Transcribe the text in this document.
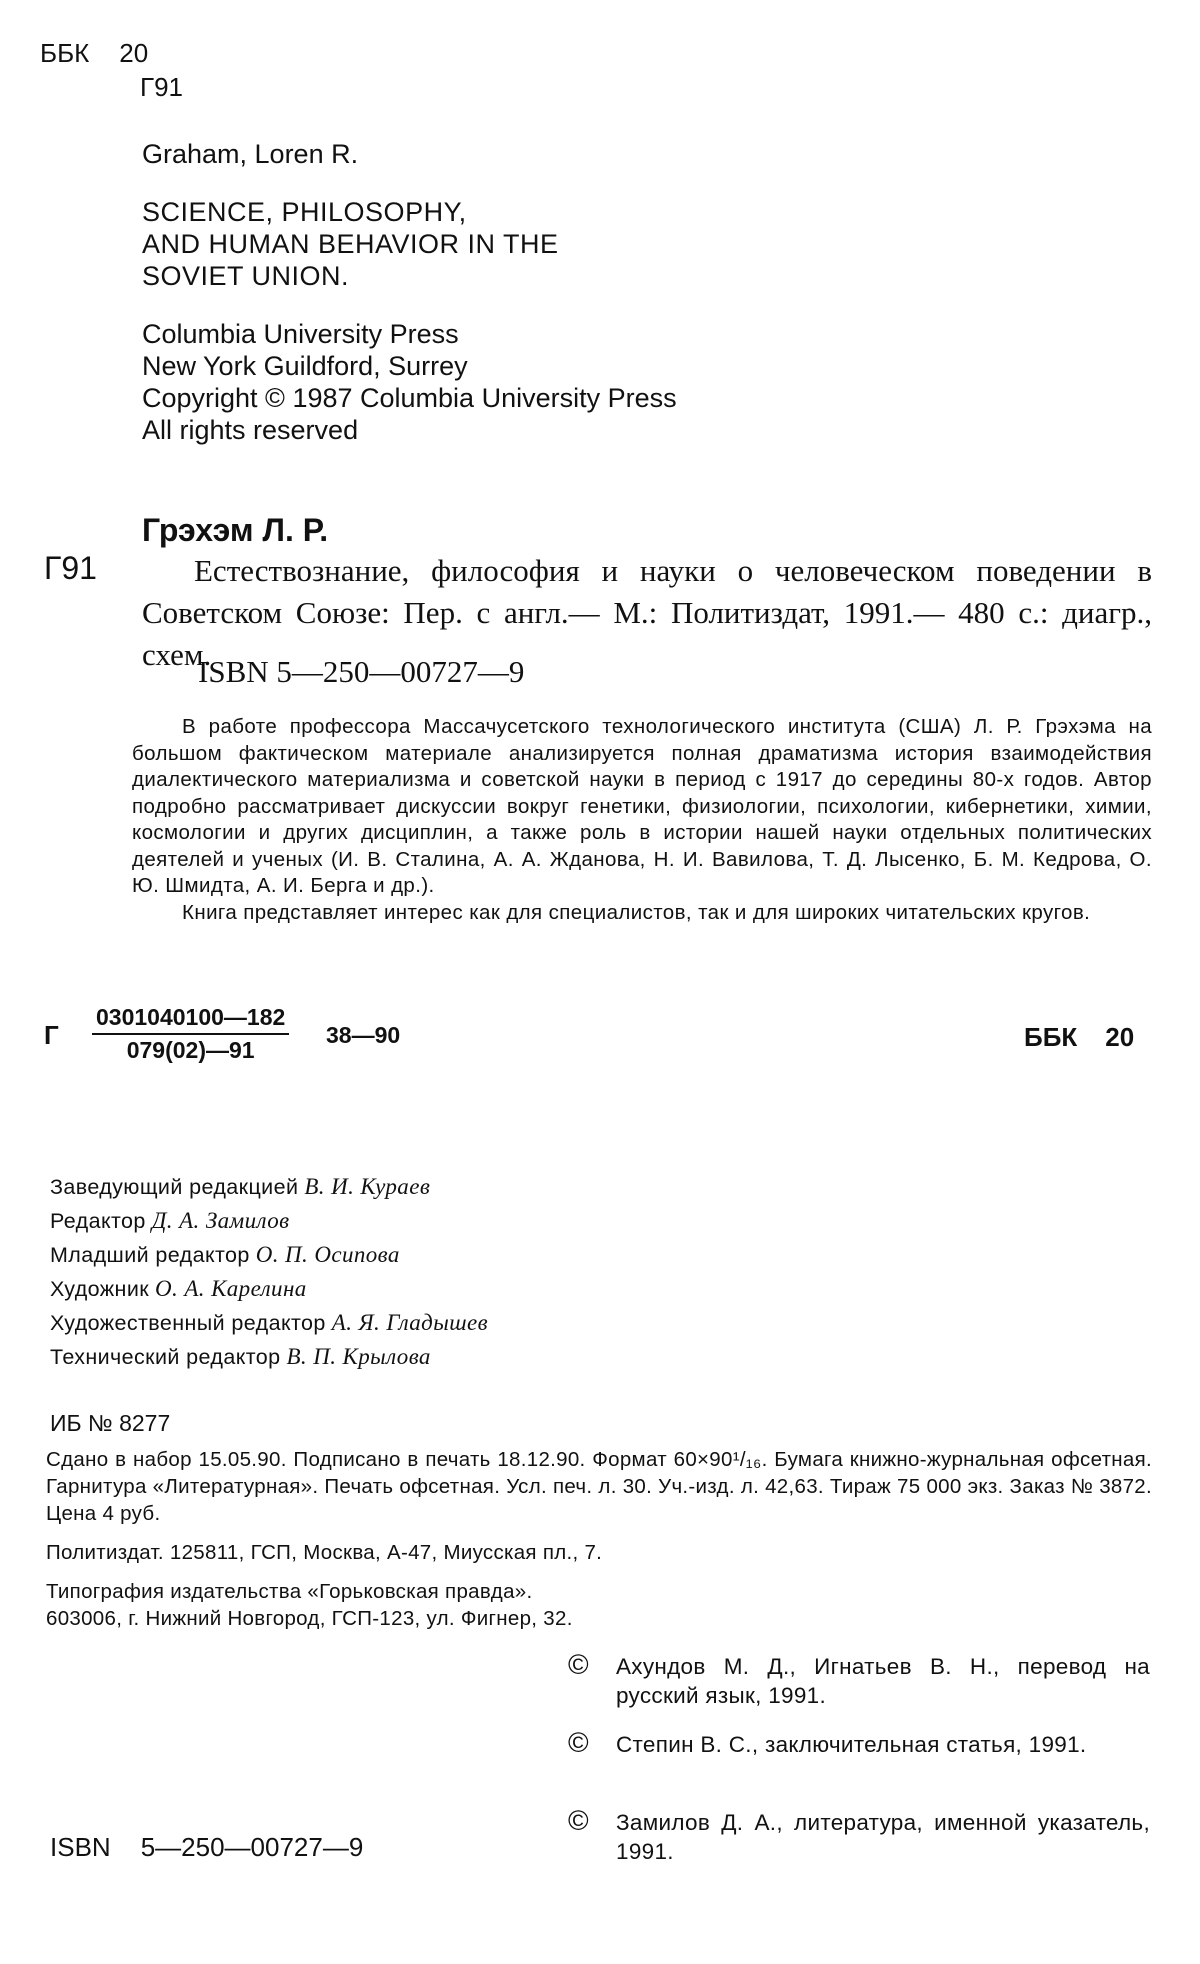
ББК 20
Г91
Graham, Loren R.
SCIENCE, PHILOSOPHY,
AND HUMAN BEHAVIOR IN THE
SOVIET UNION.
Columbia University Press
New York Guildford, Surrey
Copyright © 1987 Columbia University Press
All rights reserved
Грэхэм Л. Р.
Г91	Естествознание, философия и науки о человеческом поведении в Советском Союзе: Пер. с англ.— М.: Политиздат, 1991.— 480 с.: диагр., схем.
ISBN 5—250—00727—9

В работе профессора Массачусетского технологического института (США) Л. Р. Грэхэма на большом фактическом материале анализируется полная драматизма история взаимодействия диалектического материализма и советской науки в период с 1917 до середины 80-х годов. Автор подробно рассматривает дискуссии вокруг генетики, физиологии, психологии, кибернетики, химии, космологии и других дисциплин, а также роль в истории нашей науки отдельных политических деятелей и ученых (И. В. Сталина, А. А. Жданова, Н. И. Вавилова, Т. Д. Лысенко, Б. М. Кедрова, О. Ю. Шмидта, А. И. Берга и др.).

Книга представляет интерес как для специалистов, так и для широких читательских кругов.

Г $\frac{0301040100—182}{079(02)—91}$ 38—90	ББК 20
Заведующий редакцией В. И. Кураев
Редактор Д. А. Замилов
Младший редактор О. П. Осипова
Художник О. А. Карелина
Художественный редактор А. Я. Гладышев
Технический редактор В. П. Крылова
ИБ № 8277

Сдано в набор 15.05.90. Подписано в печать 18.12.90. Формат 60×90¹/₁₆. Бумага книжно-журнальная офсетная. Гарнитура «Литературная». Печать офсетная. Усл. печ. л. 30. Уч.-изд. л. 42,63. Тираж 75 000 экз. Заказ № 3872. Цена 4 руб.

Политиздат. 125811, ГСП, Москва, А-47, Миусская пл., 7.

Типография издательства «Горьковская правда».

603006, г. Нижний Новгород, ГСП-123, ул. Фигнер, 32.

© Ахундов М. Д., Игнатьев В. Н., перевод на русский язык, 1991.
© Степин В. С., заключительная статья, 1991.
© Замилов Д. А., литература, именной указатель, 1991.
ISBN 5—250—00727—9
